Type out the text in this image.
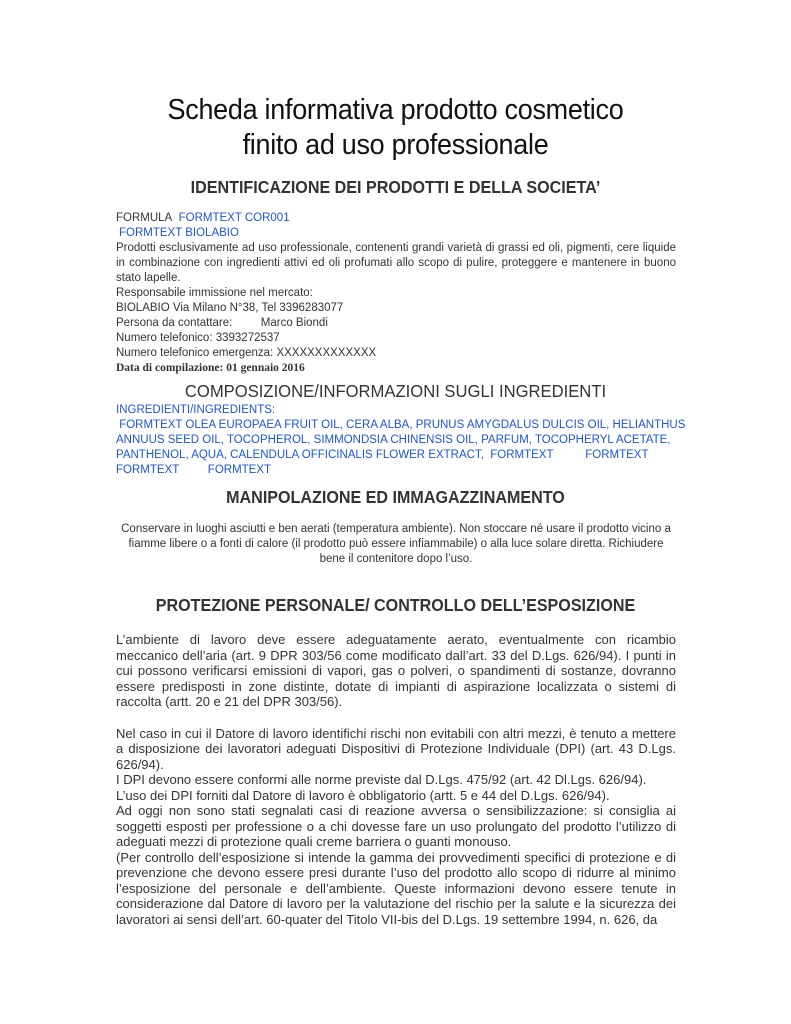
Scheda informativa prodotto cosmetico
finito ad uso professionale
IDENTIFICAZIONE DEI PRODOTTI E DELLA SOCIETA’
FORMULA FORMTEXT COR001
FORMTEXT BIOLABIO
Prodotti esclusivamente ad uso professionale, contenenti grandi varietà di grassi ed oli, pigmenti, cere liquide in combinazione con ingredienti attivi ed oli profumati allo scopo di pulire, proteggere e mantenere in buono stato lapelle.
Responsabile immissione nel mercato:
BIOLABIO Via Milano N°38, Tel 3396283077
Persona da contattare: Marco Biondi
Numero telefonico: 3393272537
Numero telefonico emergenza: XXXXXXXXXXXXX
Data di compilazione: 01 gennaio 2016
COMPOSIZIONE/INFORMAZIONI SUGLI INGREDIENTI
INGREDIENTI/INGREDIENTS:
FORMTEXT OLEA EUROPAEA FRUIT OIL, CERA ALBA, PRUNUS AMYGDALUS DULCIS OIL, HELIANTHUS
ANNUUS SEED OIL, TOCOPHEROL, SIMMONDSIA CHINENSIS OIL, PARFUM, TOCOPHERYL ACETATE,
PANTHENOL, AQUA, CALENDULA OFFICINALIS FLOWER EXTRACT,  FORMTEXT          FORMTEXT
FORMTEXT         FORMTEXT
MANIPOLAZIONE ED IMMAGAZZINAMENTO
Conservare in luoghi asciutti e ben aerati (temperatura ambiente). Non stoccare né usare il prodotto vicino a fiamme libere o a fonti di calore (il prodotto può essere infiammabile) o alla luce solare diretta. Richiudere bene il contenitore dopo l’uso.
PROTEZIONE PERSONALE/ CONTROLLO DELL’ESPOSIZIONE

L’ambiente di lavoro deve essere adeguatamente aerato, eventualmente con ricambio meccanico dell’aria (art. 9 DPR 303/56 come modificato dall’art. 33 del D.Lgs. 626/94). I punti in cui possono verificarsi emissioni di vapori, gas o polveri, o spandimenti di sostanze, dovranno essere predisposti in zone distinte, dotate di impianti di aspirazione localizzata o sistemi di raccolta (artt. 20 e 21 del DPR 303/56).

Nel caso in cui il Datore di lavoro identifichi rischi non evitabili con altri mezzi, è tenuto a mettere a disposizione dei lavoratori adeguati Dispositivi di Protezione Individuale (DPI) (art. 43 D.Lgs. 626/94).

I DPI devono essere conformi alle norme previste dal D.Lgs. 475/92 (art. 42 Dl.Lgs. 626/94).

L’uso dei DPI forniti dal Datore di lavoro è obbligatorio (artt. 5 e 44 del D.Lgs. 626/94).

Ad oggi non sono stati segnalati casi di reazione avversa o sensibilizzazione: si consiglia ai soggetti esposti per professione o a chi dovesse fare un uso prolungato del prodotto l’utilizzo di adeguati mezzi di protezione quali creme barriera o guanti monouso.

(Per controllo dell’esposizione si intende la gamma dei provvedimenti specifici di protezione e di prevenzione che devono essere presi durante l’uso del prodotto allo scopo di ridurre al minimo l’esposizione del personale e dell’ambiente. Queste informazioni devono essere tenute in considerazione dal Datore di lavoro per la valutazione del rischio per la salute e la sicurezza dei lavoratori ai sensi dell’art. 60-quater del Titolo VII-bis del D.Lgs. 19 settembre 1994, n. 626, da
